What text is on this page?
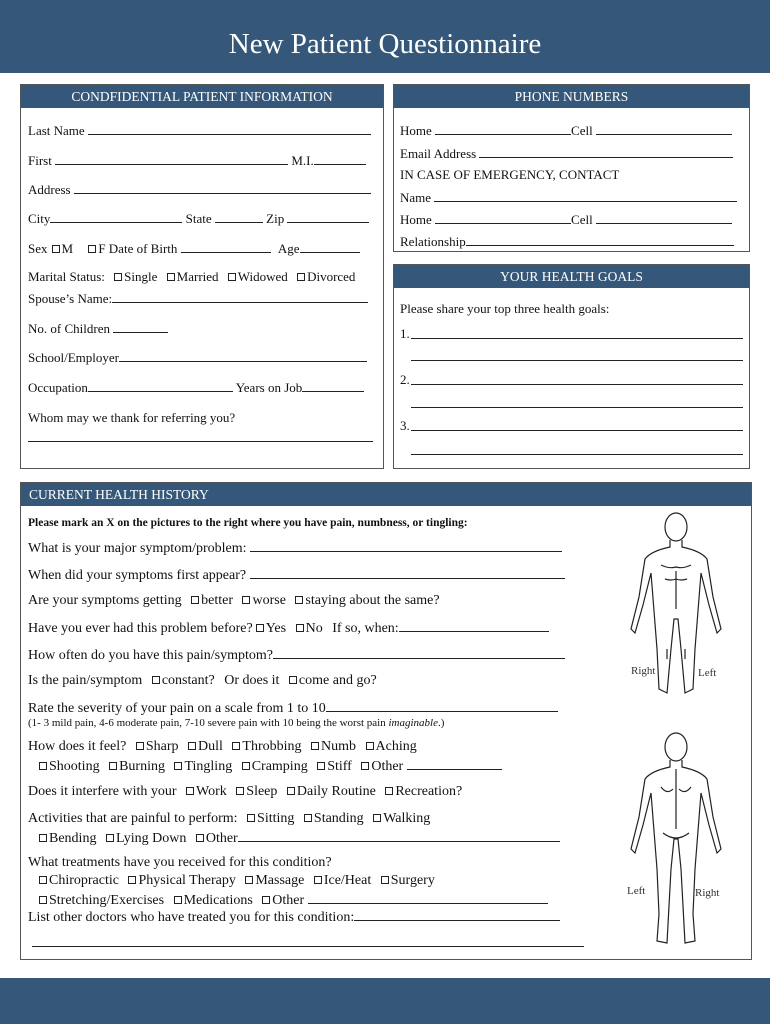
New Patient Questionnaire
CONDFIDENTIAL PATIENT INFORMATION
Last Name
First	M.I.
Address
City	State	Zip
Sex M F Date of Birth	Age
Marital Status: Single Married Widowed Divorced
Spouse’s Name:
No. of Children
School/Employer
Occupation	Years on Job
Whom may we thank for referring you?
PHONE NUMBERS
Home	Cell
Email Address
IN CASE OF EMERGENCY, CONTACT
Name
Home	Cell
Relationship
YOUR HEALTH GOALS
Please share your top three health goals:
1.
2.
3.
CURRENT HEALTH HISTORY
Please mark an X on the pictures to the right where you have pain, numbness, or tingling:
What is your major symptom/problem:
When did your symptoms first appear?
Are your symptoms getting better worse staying about the same?
Have you ever had this problem before? Yes No If so, when:
How often do you have this pain/symptom?
Is the pain/symptom constant? Or does it come and go?
Rate the severity of your pain on a scale from 1 to 10
(1- 3 mild pain, 4-6 moderate pain, 7-10 severe pain with 10 being the worst pain imaginable.)
How does it feel? Sharp Dull Throbbing Numb Aching
Shooting Burning Tingling Cramping Stiff Other
Does it interfere with your Work Sleep Daily Routine Recreation?
Activities that are painful to perform: Sitting Standing Walking
Bending Lying Down Other
What treatments have you received for this condition?
Chiropractic Physical Therapy Massage Ice/Heat Surgery
Stretching/Exercises Medications Other
List other doctors who have treated you for this condition:
Right	Left
Left	Right
